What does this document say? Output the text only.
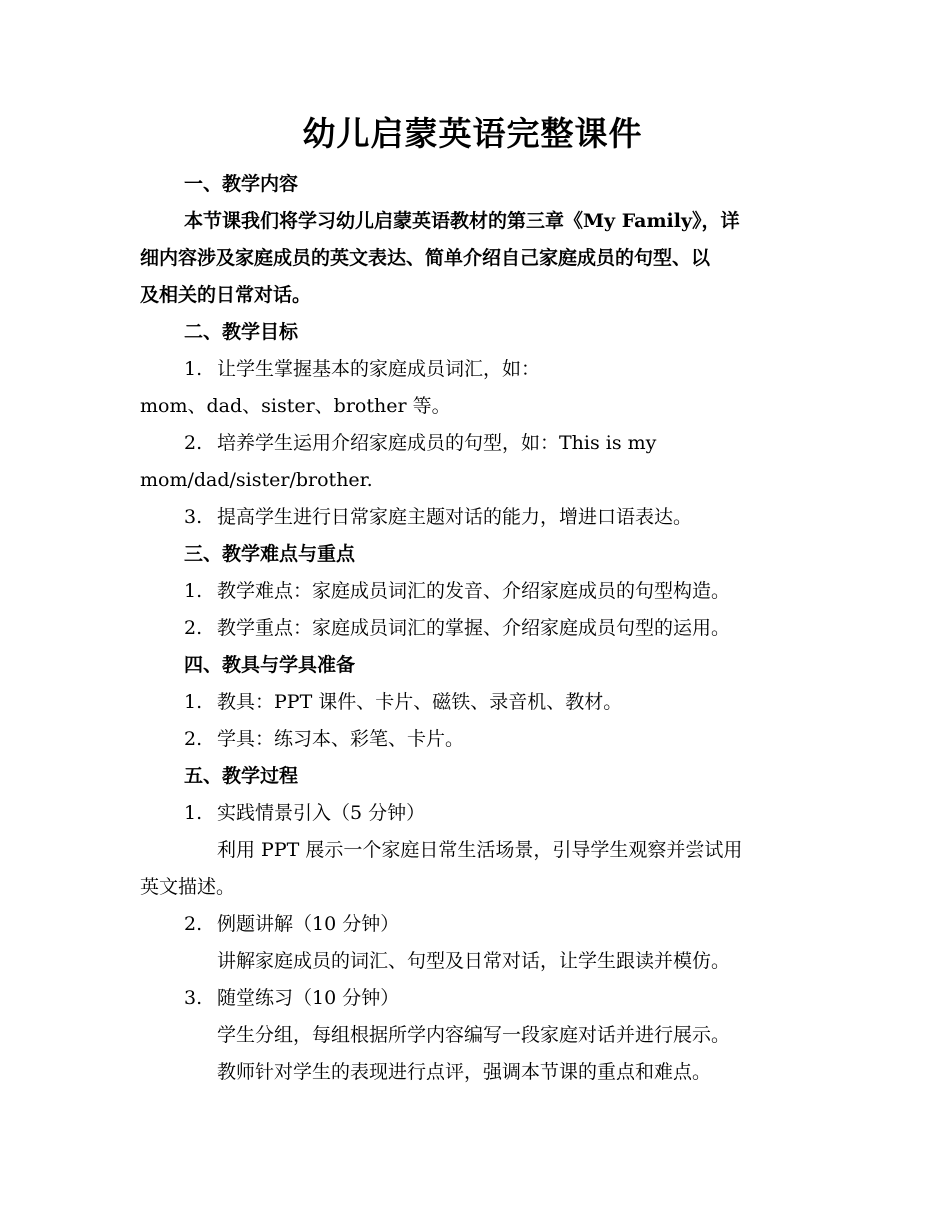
幼儿启蒙英语完整课件
一、教学内容
本节课我们将学习幼儿启蒙英语教材的第三章《My Family》，详
细内容涉及家庭成员的英文表达、简单介绍自己家庭成员的句型、以
及相关的日常对话。
二、教学目标
1. 让学生掌握基本的家庭成员词汇，如：
mom、dad、sister、brother 等。
2. 培养学生运用介绍家庭成员的句型，如：This is my
mom/dad/sister/brother.
3. 提高学生进行日常家庭主题对话的能力，增进口语表达。
三、教学难点与重点
1. 教学难点：家庭成员词汇的发音、介绍家庭成员的句型构造。
2. 教学重点：家庭成员词汇的掌握、介绍家庭成员句型的运用。
四、教具与学具准备
1. 教具：PPT 课件、卡片、磁铁、录音机、教材。
2. 学具：练习本、彩笔、卡片。
五、教学过程
1. 实践情景引入（5 分钟）
利用 PPT 展示一个家庭日常生活场景，引导学生观察并尝试用
英文描述。
2. 例题讲解（10 分钟）
讲解家庭成员的词汇、句型及日常对话，让学生跟读并模仿。
3. 随堂练习（10 分钟）
学生分组，每组根据所学内容编写一段家庭对话并进行展示。
教师针对学生的表现进行点评，强调本节课的重点和难点。
